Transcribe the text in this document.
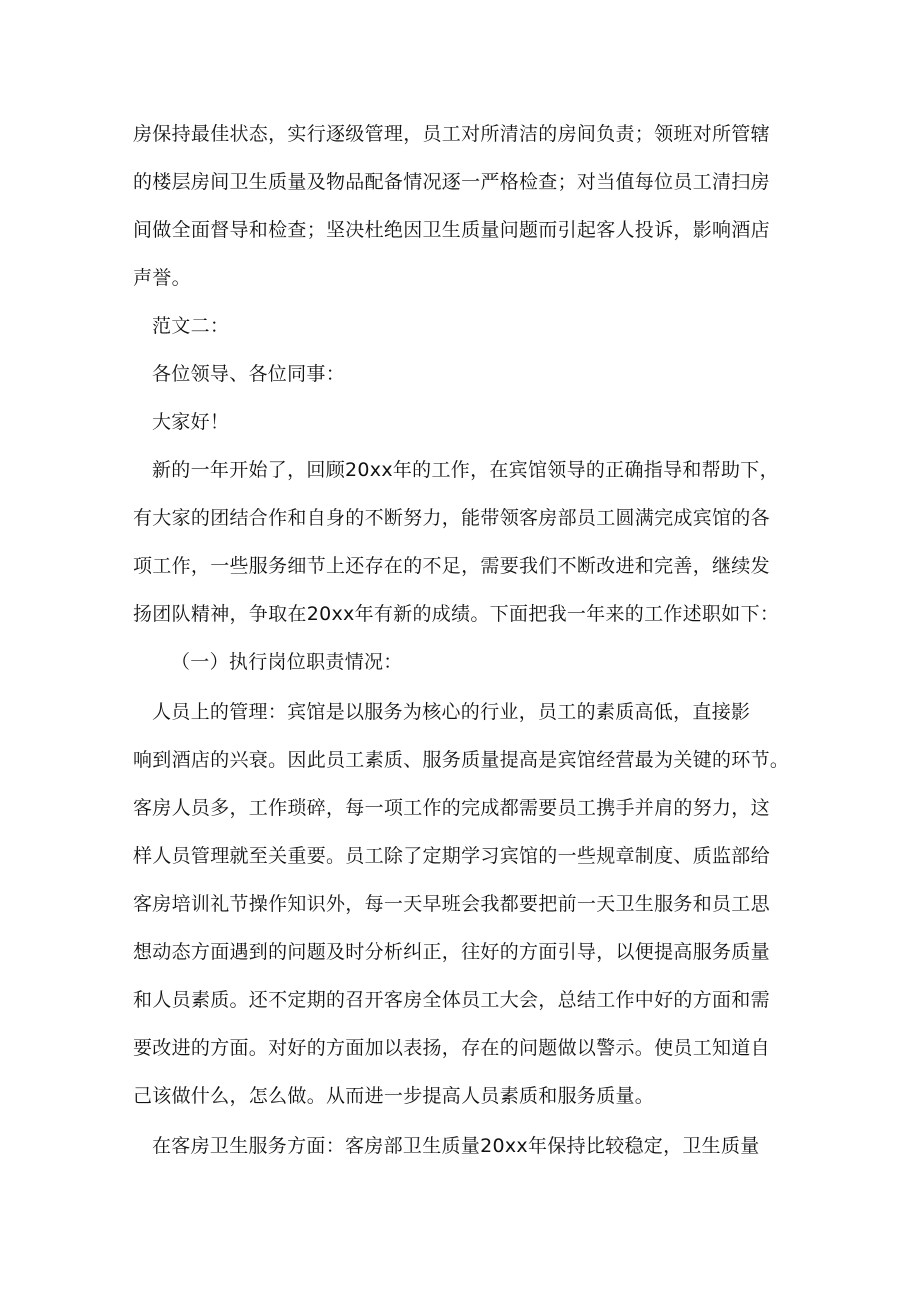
房保持最佳状态，实行逐级管理，员工对所清洁的房间负责；领班对所管辖

的楼层房间卫生质量及物品配备情况逐一严格检查；对当值每位员工清扫房

间做全面督导和检查；坚决杜绝因卫生质量问题而引起客人投诉，影响酒店

声誉。

范文二：

各位领导、各位同事：

大家好！

新的一年开始了，回顾20xx年的工作，在宾馆领导的正确指导和帮助下，

有大家的团结合作和自身的不断努力，能带领客房部员工圆满完成宾馆的各

项工作，一些服务细节上还存在的不足，需要我们不断改进和完善，继续发

扬团队精神，争取在20xx年有新的成绩。下面把我一年来的工作述职如下：

（一）执行岗位职责情况：

人员上的管理：宾馆是以服务为核心的行业，员工的素质高低，直接影

响到酒店的兴衰。因此员工素质、服务质量提高是宾馆经营最为关键的环节。

客房人员多，工作琐碎，每一项工作的完成都需要员工携手并肩的努力，这

样人员管理就至关重要。员工除了定期学习宾馆的一些规章制度、质监部给

客房培训礼节操作知识外，每一天早班会我都要把前一天卫生服务和员工思

想动态方面遇到的问题及时分析纠正，往好的方面引导，以便提高服务质量

和人员素质。还不定期的召开客房全体员工大会，总结工作中好的方面和需

要改进的方面。对好的方面加以表扬，存在的问题做以警示。使员工知道自

己该做什么，怎么做。从而进一步提高人员素质和服务质量。

在客房卫生服务方面：客房部卫生质量20xx年保持比较稳定，卫生质量
